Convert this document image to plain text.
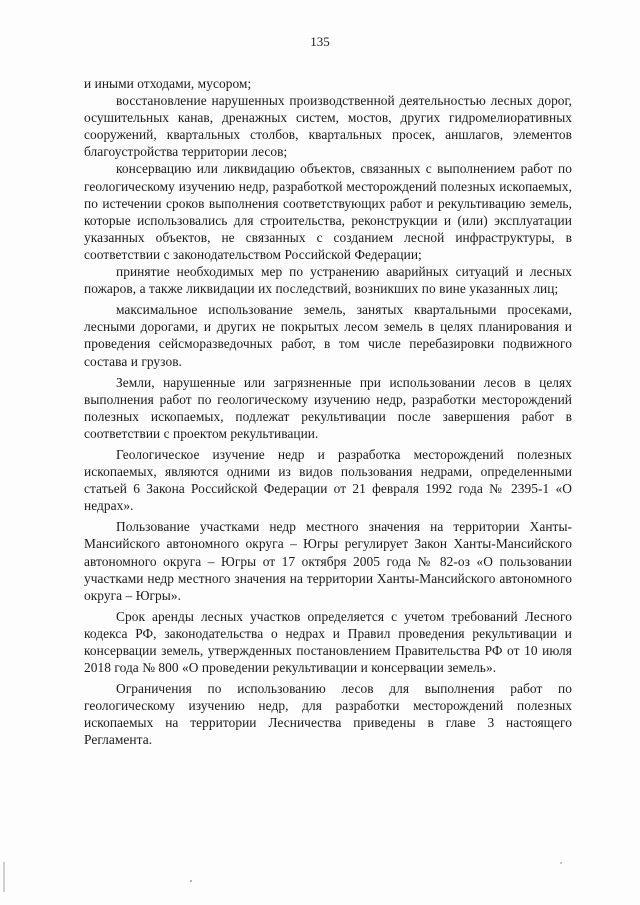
135

и иными отходами, мусором;

восстановление нарушенных производственной деятельностью лесных дорог, осушительных канав, дренажных систем, мостов, других гидромелиоративных сооружений, квартальных столбов, квартальных просек, аншлагов, элементов благоустройства территории лесов;

консервацию или ликвидацию объектов, связанных с выполнением работ по геологическому изучению недр, разработкой месторождений полезных ископаемых, по истечении сроков выполнения соответствующих работ и рекультивацию земель, которые использовались для строительства, реконструкции и (или) эксплуатации указанных объектов, не связанных с созданием лесной инфраструктуры, в соответствии с законодательством Российской Федерации;

принятие необходимых мер по устранению аварийных ситуаций и лесных пожаров, а также ликвидации их последствий, возникших по вине указанных лиц;

максимальное использование земель, занятых квартальными просеками, лесными дорогами, и других не покрытых лесом земель в целях планирования и проведения сейсморазведочных работ, в том числе перебазировки подвижного состава и грузов.

Земли, нарушенные или загрязненные при использовании лесов в целях выполнения работ по геологическому изучению недр, разработки месторождений полезных ископаемых, подлежат рекультивации после завершения работ в соответствии с проектом рекультивации.

Геологическое изучение недр и разработка месторождений полезных ископаемых, являются одними из видов пользования недрами, определенными статьей 6 Закона Российской Федерации от 21 февраля 1992 года № 2395-1 «О недрах».

Пользование участками недр местного значения на территории Ханты-Мансийского автономного округа – Югры регулирует Закон Ханты-Мансийского автономного округа – Югры от 17 октября 2005 года № 82-оз «О пользовании участками недр местного значения на территории Ханты-Мансийского автономного округа – Югры».

Срок аренды лесных участков определяется с учетом требований Лесного кодекса РФ, законодательства о недрах и Правил проведения рекультивации и консервации земель, утвержденных постановлением Правительства РФ от 10 июля 2018 года № 800 «О проведении рекультивации и консервации земель».

Ограничения по использованию лесов для выполнения работ по геологическому изучению недр, для разработки месторождений полезных ископаемых на территории Лесничества приведены в главе 3 настоящего Регламента.
